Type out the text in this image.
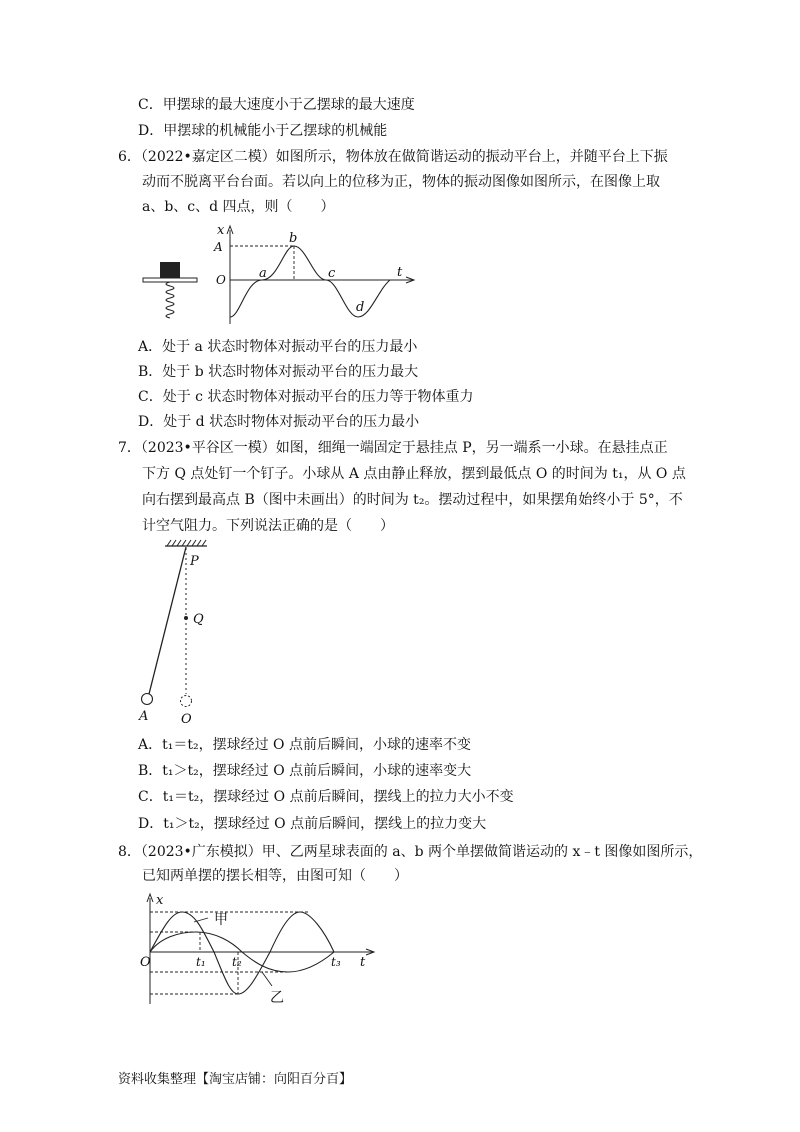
C．甲摆球的最大速度小于乙摆球的最大速度
D．甲摆球的机械能小于乙摆球的机械能
6．（2022•嘉定区二模）如图所示，物体放在做简谐运动的振动平台上，并随平台上下振
动而不脱离平台台面。若以向上的位移为正，物体的振动图像如图所示，在图像上取
a、b、c、d 四点，则（　　）
x
t
A
O	a
b
c
d
A．处于 a 状态时物体对振动平台的压力最小
B．处于 b 状态时物体对振动平台的压力最大
C．处于 c 状态时物体对振动平台的压力等于物体重力
D．处于 d 状态时物体对振动平台的压力最小
7．（2023•平谷区一模）如图，细绳一端固定于悬挂点 P，另一端系一小球。在悬挂点正
下方 Q 点处钉一个钉子。小球从 A 点由静止释放，摆到最低点 O 的时间为 t₁，从 O 点
向右摆到最高点 B（图中未画出）的时间为 t₂。摆动过程中，如果摆角始终小于 5°，不
计空气阻力。下列说法正确的是（　　）
P
Q
A	O
A．t₁＝t₂，摆球经过 O 点前后瞬间，小球的速率不变
B．t₁＞t₂，摆球经过 O 点前后瞬间，小球的速率变大
C．t₁＝t₂，摆球经过 O 点前后瞬间，摆线上的拉力大小不变
D．t₁＞t₂，摆球经过 O 点前后瞬间，摆线上的拉力变大
8．（2023•广东模拟）甲、乙两星球表面的 a、b 两个单摆做简谐运动的 x﹣t 图像如图所示，
已知两单摆的摆长相等，由图可知（　　）
x
t
O
甲
乙
t₁ t₂	t₃
资料收集整理【淘宝店铺：向阳百分百】
